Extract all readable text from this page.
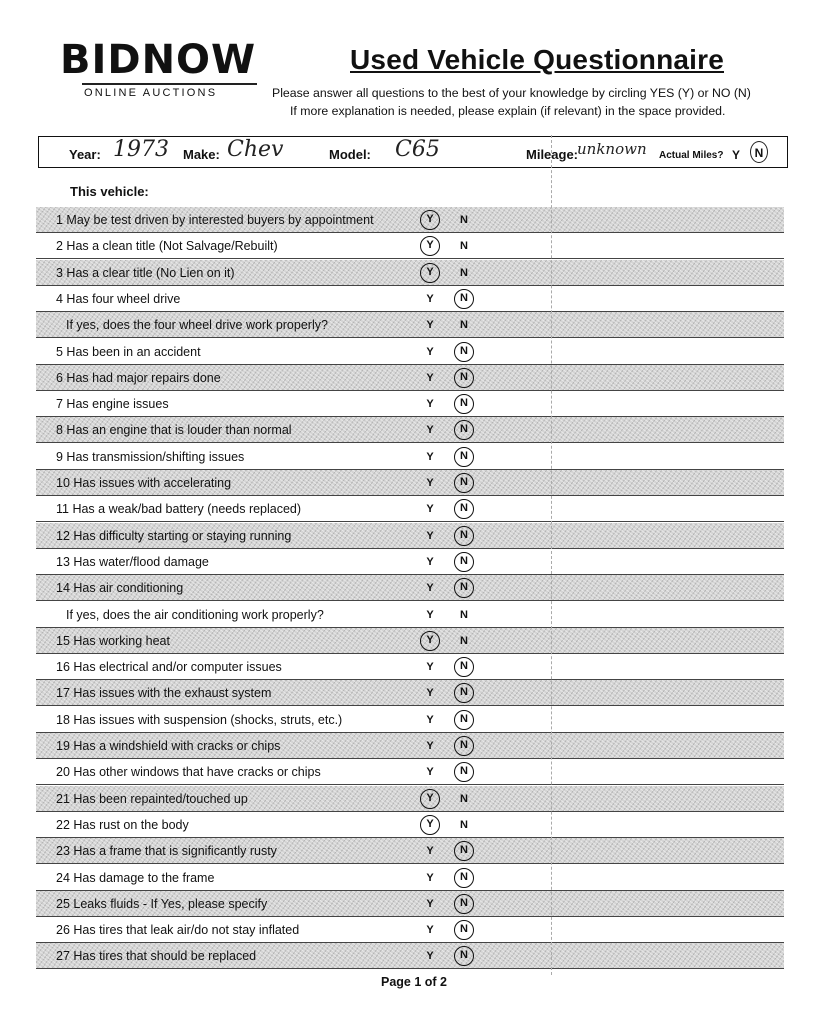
BIDNOW
ONLINE AUCTIONS
Used Vehicle Questionnaire
Please answer all questions to the best of your knowledge by circling YES (Y) or NO (N)
If more explanation is needed, please explain (if relevant) in the space provided.
Year: 1973 Make: Chev	Model: C65	Mileage:
unknown Actual Miles? Y	N
This vehicle:
1 May be test driven by interested buyers by appointment	Y	N
2 Has a clean title (Not Salvage/Rebuilt)	Y	N
3 Has a clear title (No Lien on it)	Y	N
4 Has four wheel drive	Y	N
If yes, does the four wheel drive work properly?	Y	N
5 Has been in an accident	Y	N
6 Has had major repairs done	Y	N
7 Has engine issues	Y	N
8 Has an engine that is louder than normal	Y	N
9 Has transmission/shifting issues	Y	N
10 Has issues with accelerating	Y	N
11 Has a weak/bad battery (needs replaced)	Y	N
12 Has difficulty starting or staying running	Y	N
13 Has water/flood damage	Y	N
14 Has air conditioning	Y	N
If yes, does the air conditioning work properly?	Y	N
15 Has working heat	Y	N
16 Has electrical and/or computer issues	Y	N
17 Has issues with the exhaust system	Y	N
18 Has issues with suspension (shocks, struts, etc.)	Y	N
19 Has a windshield with cracks or chips	Y	N
20 Has other windows that have cracks or chips	Y	N
21 Has been repainted/touched up	Y	N
22 Has rust on the body	Y	N
23 Has a frame that is significantly rusty	Y	N
24 Has damage to the frame	Y	N
25 Leaks fluids - If Yes, please specify	Y	N
26 Has tires that leak air/do not stay inflated	Y	N
27 Has tires that should be replaced	Y	N
Page 1 of 2
